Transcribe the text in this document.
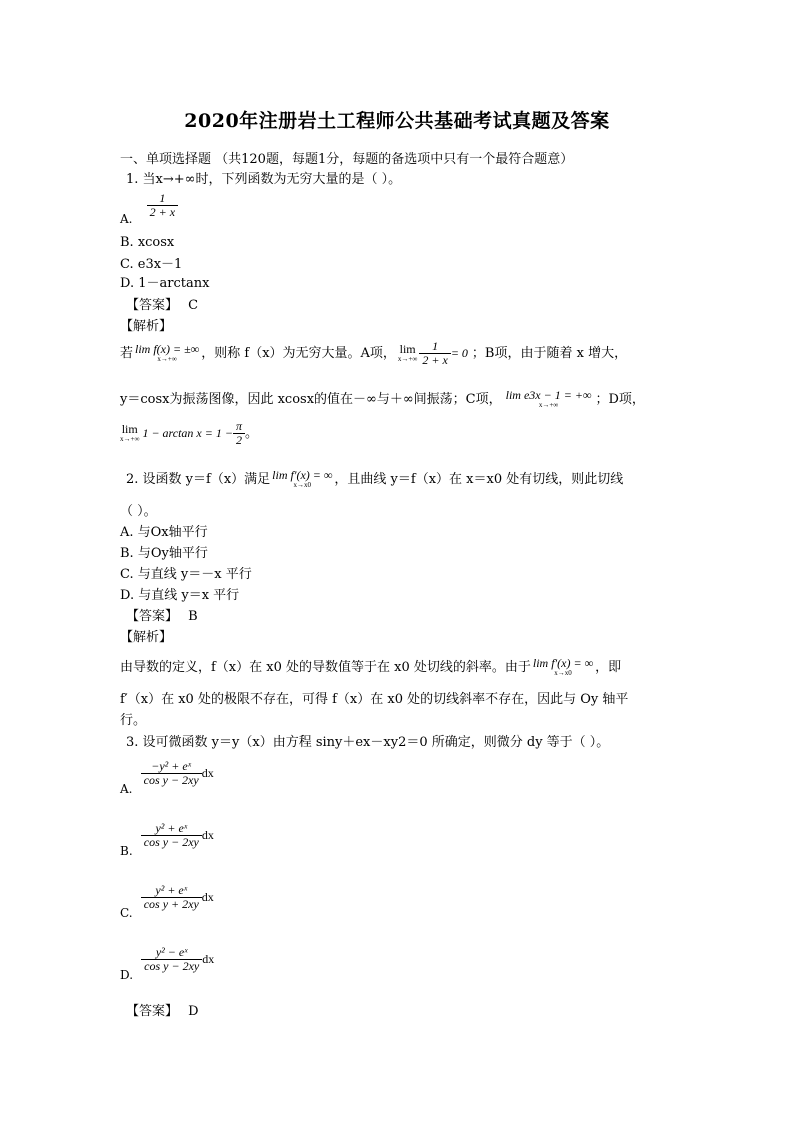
2020年注册岩土工程师公共基础考试真题及答案
一、单项选择题 （共120题，每题1分，每题的备选项中只有一个最符合题意）
1. 当x→+∞时，下列函数为无穷大量的是（ ）。
A. $\frac{1}{2 + x}$
B. xcosx
C. e3x－1
D. 1－arctanx
【答案】 C
【解析】
若 lim f(x) = ±∞
x→+∞ ，则称 f（x）为无穷大量。A项， lim
$x\to+\infty \frac{1}{2 + x} = 0$ ；B项，由于随着 x 增大，
y＝cosx为振荡图像，因此 xcosx的值在－∞与＋∞间振荡；C项， lim e3x − 1 = +∞
x→+∞	；D项，
lim
x→+∞ $1 - \arctan x = 1 - \frac{\pi}{2}$ 。
2. 设函数 y＝f（x）满足 lim f′(x) = ∞
x→x0 ，且曲线 y＝f（x）在 x＝x0 处有切线，则此切线
（ ）。
A. 与Ox轴平行
B. 与Oy轴平行
C. 与直线 y＝－x 平行
D. 与直线 y＝x 平行
【答案】 B
【解析】
由导数的定义，f（x）在 x0 处的导数值等于在 x0 处切线的斜率。由于 lim f′(x) = ∞
x→x0 ，即
f′（x）在 x0 处的极限不存在，可得 f（x）在 x0 处的切线斜率不存在，因此与 Oy 轴平
行。
3. 设可微函数 y＝y（x）由方程 siny＋ex－xy2＝0 所确定，则微分 dy 等于（ ）。
A.
$\frac{\text{−y² + eˣ}}{\text{cos y − 2xy}}$ dx
B.
$\frac{\text{y² + eˣ}}{\text{cos y − 2xy}}$ dx
C.
$\frac{\text{y² + eˣ}}{\text{cos y + 2xy}}$ dx
D.
$\frac{\text{y² − eˣ}}{\text{cos y − 2xy}}$ dx
【答案】 D
